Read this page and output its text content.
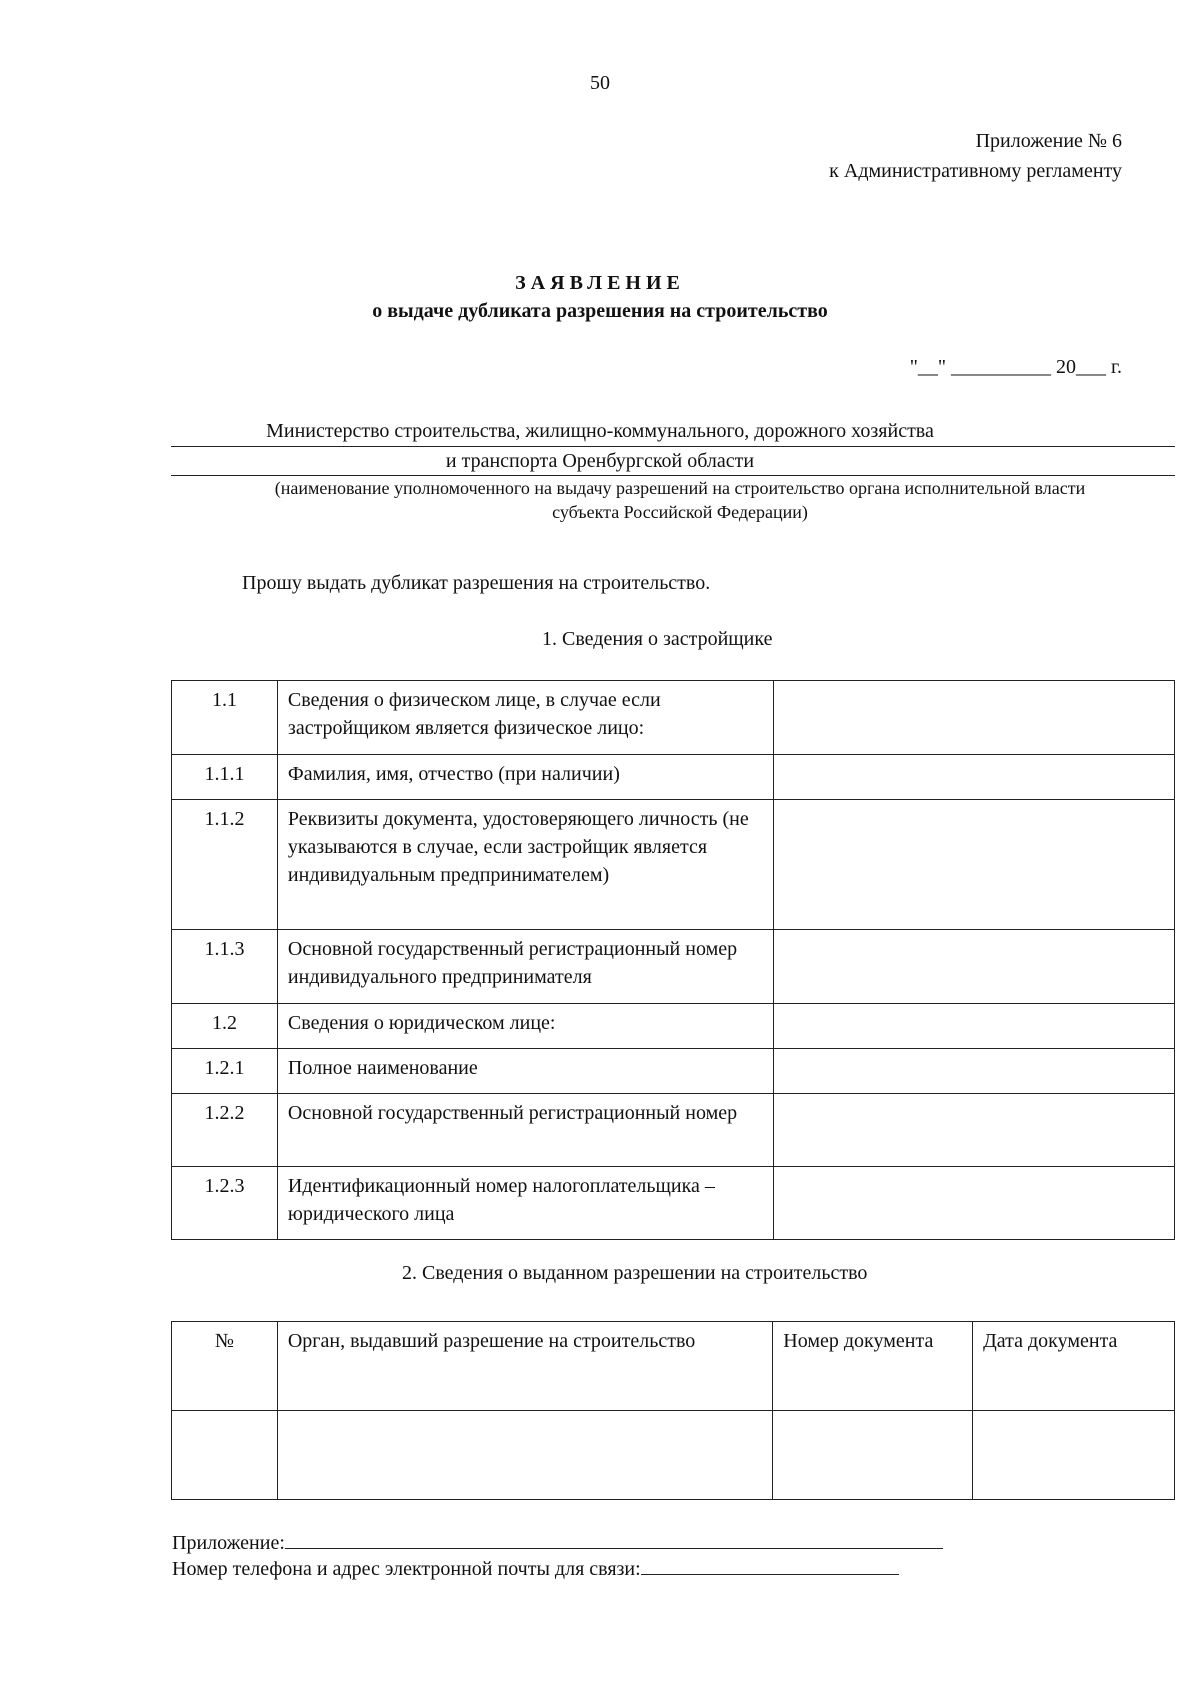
50
Приложение № 6
к Административному регламенту
ЗАЯВЛЕНИЕ
о выдаче дубликата разрешения на строительство
"__" __________ 20___ г.
Министерство строительства, жилищно-коммунального, дорожного хозяйства
и транспорта Оренбургской области
(наименование уполномоченного на выдачу разрешений на строительство органа исполнительной власти
субъекта Российской Федерации)
Прошу выдать дубликат разрешения на строительство.
1. Сведения о застройщике
1.1	Сведения о физическом лице, в случае если застройщиком является физическое лицо:	
1.1.1	Фамилия, имя, отчество (при наличии)	
1.1.2	Реквизиты документа, удостоверяющего личность (не указываются в случае, если застройщик является индивидуальным предпринимателем)	
1.1.3	Основной государственный регистрационный номер индивидуального предпринимателя	
1.2	Сведения о юридическом лице:	
1.2.1	Полное наименование	
1.2.2	Основной государственный регистрационный номер	
1.2.3	Идентификационный номер налогоплательщика – юридического лица	
2. Сведения о выданном разрешении на строительство
№	Орган, выдавший разрешение на строительство	Номер документа	Дата документа

Приложение:
Номер телефона и адрес электронной почты для связи:
